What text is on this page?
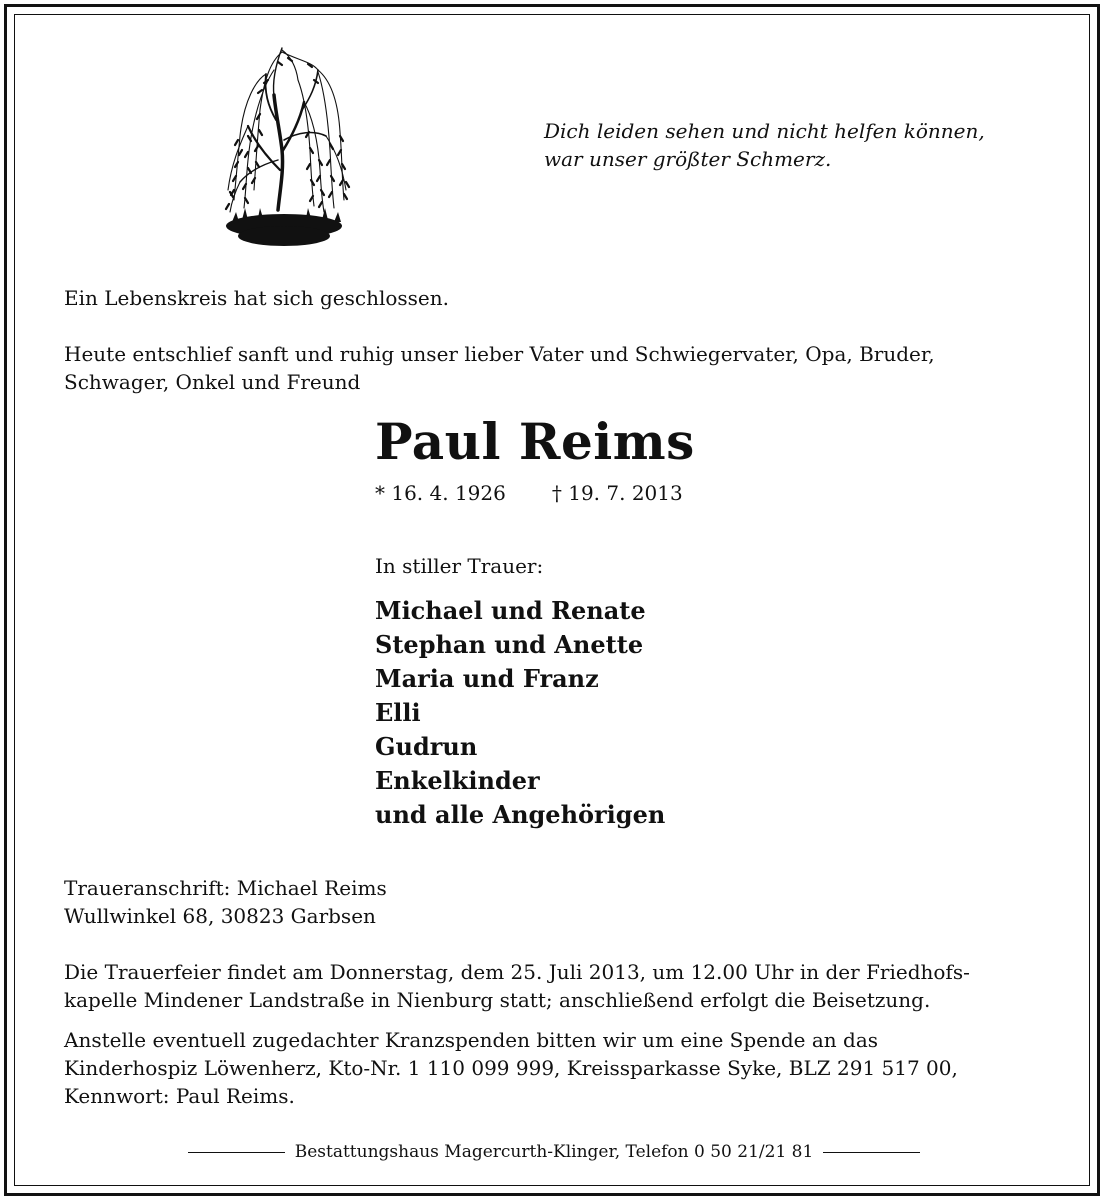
Dich leiden sehen und nicht helfen können,
war unser größter Schmerz.
Ein Lebenskreis hat sich geschlossen.
Heute entschlief sanft und ruhig unser lieber Vater und Schwiegervater, Opa, Bruder,
Schwager, Onkel und Freund
Paul Reims
* 16. 4. 1926 † 19. 7. 2013
In stiller Trauer:
Michael und Renate
Stephan und Anette
Maria und Franz
Elli
Gudrun
Enkelkinder
und alle Angehörigen
Traueranschrift: Michael Reims
Wullwinkel 68, 30823 Garbsen
Die Trauerfeier findet am Donnerstag, dem 25. Juli 2013, um 12.00 Uhr in der Friedhofs-
kapelle Mindener Landstraße in Nienburg statt; anschließend erfolgt die Beisetzung.
Anstelle eventuell zugedachter Kranzspenden bitten wir um eine Spende an das
Kinderhospiz Löwenherz, Kto-Nr. 1 110 099 999, Kreissparkasse Syke, BLZ 291 517 00,
Kennwort: Paul Reims.
Bestattungshaus Magercurth-Klinger, Telefon 0 50 21/21 81
